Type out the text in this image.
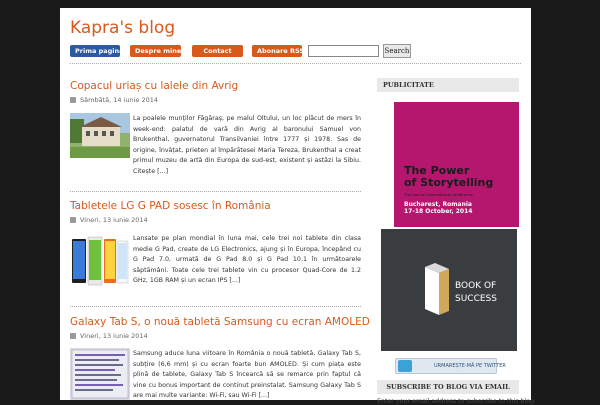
Kapra's blog
Prima pagina	Despre mine	Contact	Abonare RSS	Search
Copacul uriaș cu lalele din Avrig
Sâmbătă, 14 iunie 2014
La poalele munților Făgăraș, pe malul Oltului, un loc plăcut de mers în week-end: palatul de vară din Avrig al baronului Samuel von Brukenthal, guvernatorul Transilvaniei între 1777 și 1978. Sas de origine, învățat, prieten al împărătesei Maria Tereza, Brukenthal a creat primul muzeu de artă din Europa de sud-est, existent și astăzi la Sibiu. Citește [...]
Tabletele LG G PAD sosesc în România
Vineri, 13 iunie 2014
Lansate pe plan mondial în luna mai, cele trei noi tablete din clasa medie G Pad, create de LG Electronics, ajung și în Europa, începând cu G Pad 7.0, urmată de G Pad 8.0 și G Pad 10.1 în următoarele săptămâni. Toate cele trei tablete vin cu procesor Quad-Core de 1.2 GHz, 1GB RAM și un ecran IPS [...]
Galaxy Tab S, o nouă tabletă Samsung cu ecran AMOLED
Vineri, 13 iunie 2014
Samsung aduce luna viitoare în România o nouă tabletă, Galaxy Tab S, subțire (6,6 mm) și cu ecran foarte bun AMOLED. Și cum piața este plină de tablete, Galaxy Tab S încearcă să se remarce prin faptul că vine cu bonus important de continut preinstalat. Samsung Galaxy Tab S are mai multe variante: Wi-Fi, sau Wi-Fi [...]
PUBLICITATE
The Power
of Storytelling
The annual international conference
Bucharest, Romania
17-18 October, 2014
BOOK OF
SUCCESS
URMAREȘTE-MĂ PE TWITTER
SUBSCRIBE TO BLOG VIA EMAIL
Enter your email address to subscribe to this blog
